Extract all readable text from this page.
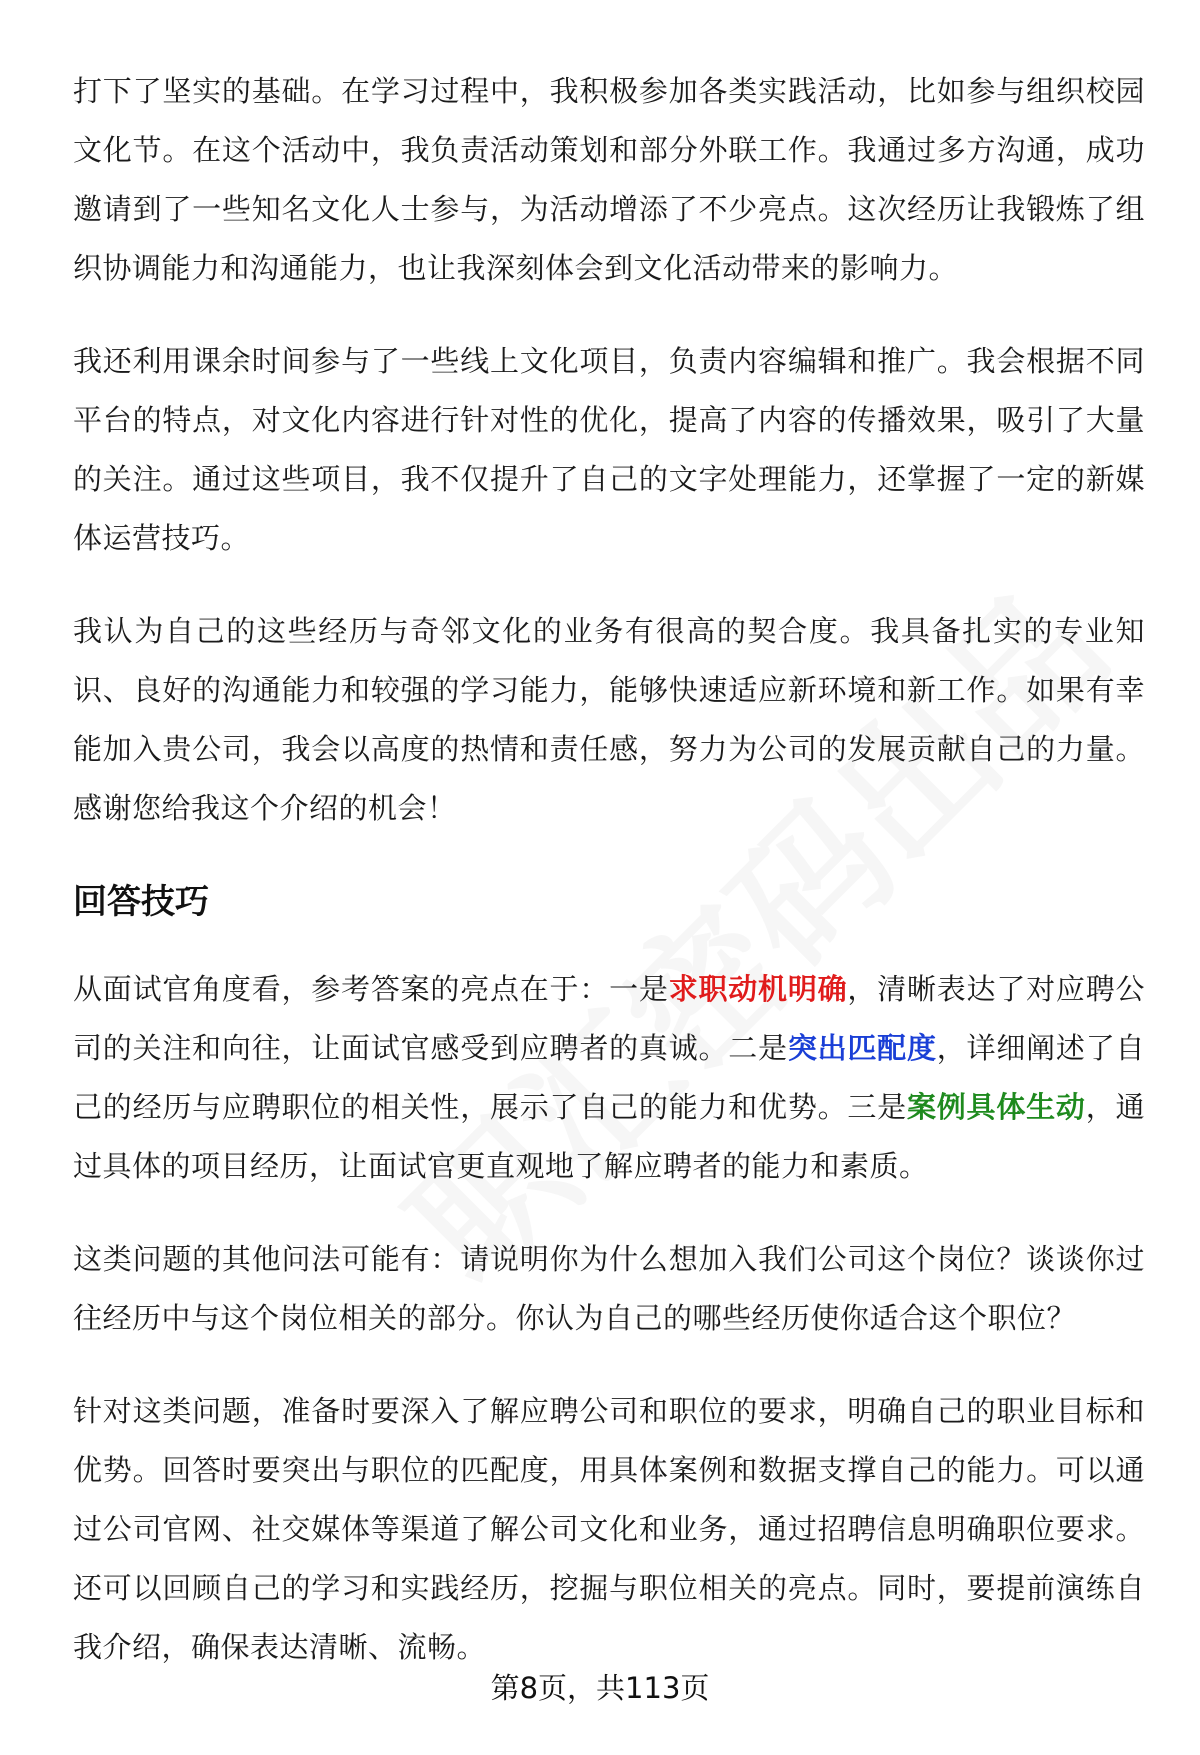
打下了坚实的基础。在学习过程中，我积极参加各类实践活动，比如参与组织校园文化节。在这个活动中，我负责活动策划和部分外联工作。我通过多方沟通，成功邀请到了一些知名文化人士参与，为活动增添了不少亮点。这次经历让我锻炼了组织协调能力和沟通能力，也让我深刻体会到文化活动带来的影响力。

我还利用课余时间参与了一些线上文化项目，负责内容编辑和推广。我会根据不同平台的特点，对文化内容进行针对性的优化，提高了内容的传播效果，吸引了大量的关注。通过这些项目，我不仅提升了自己的文字处理能力，还掌握了一定的新媒体运营技巧。

我认为自己的这些经历与奇邻文化的业务有很高的契合度。我具备扎实的专业知识、良好的沟通能力和较强的学习能力，能够快速适应新环境和新工作。如果有幸能加入贵公司，我会以高度的热情和责任感，努力为公司的发展贡献自己的力量。感谢您给我这个介绍的机会！

回答技巧

从面试官角度看，参考答案的亮点在于：一是求职动机明确，清晰表达了对应聘公司的关注和向往，让面试官感受到应聘者的真诚。二是突出匹配度，详细阐述了自己的经历与应聘职位的相关性，展示了自己的能力和优势。三是案例具体生动，通过具体的项目经历，让面试官更直观地了解应聘者的能力和素质。

这类问题的其他问法可能有：请说明你为什么想加入我们公司这个岗位？谈谈你过往经历中与这个岗位相关的部分。你认为自己的哪些经历使你适合这个职位？

针对这类问题，准备时要深入了解应聘公司和职位的要求，明确自己的职业目标和优势。回答时要突出与职位的匹配度，用具体案例和数据支撑自己的能力。可以通过公司官网、社交媒体等渠道了解公司文化和业务，通过招聘信息明确职位要求。还可以回顾自己的学习和实践经历，挖掘与职位相关的亮点。同时，要提前演练自我介绍，确保表达清晰、流畅。

第8页，共113页
